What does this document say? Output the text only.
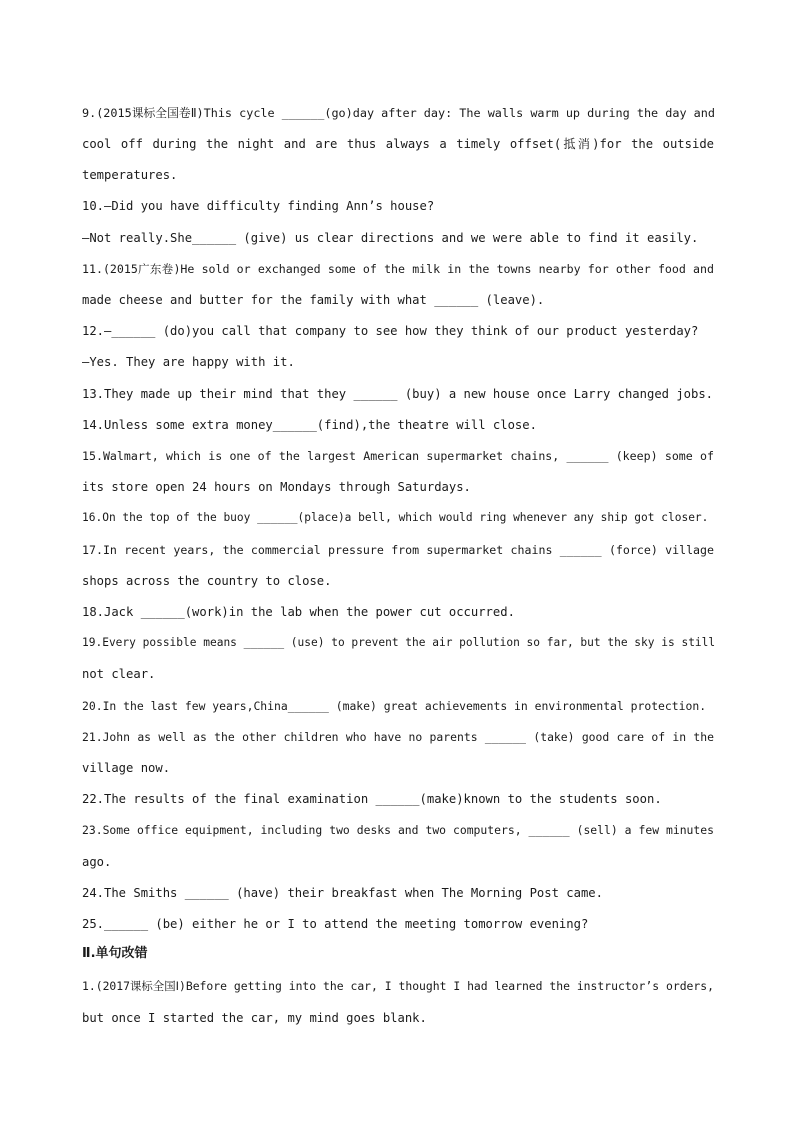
9.(2015课标全国卷Ⅱ)This cycle ______(go)day after day: The walls warm up during the day and
cool off during the night and are thus always a timely offset(抵消)for the outside
temperatures.
10.—Did you have difficulty finding Ann’s house?
—Not really.She______ (give) us clear directions and we were able to find it easily.
11.(2015广东卷)He sold or exchanged some of the milk in the towns nearby for other food and
made cheese and butter for the family with what ______ (leave).
12.—______ (do)you call that company to see how they think of our product yesterday?
—Yes. They are happy with it.
13.They made up their mind that they ______ (buy) a new house once Larry changed jobs.
14.Unless some extra money______(find),the theatre will close.
15.Walmart, which is one of the largest American supermarket chains, ______ (keep) some of
its store open 24 hours on Mondays through Saturdays.
16.On the top of the buoy ______(place)a bell, which would ring whenever any ship got closer.
17.In recent years, the commercial pressure from supermarket chains ______ (force) village
shops across the country to close.
18.Jack ______(work)in the lab when the power cut occurred.
19.Every possible means ______ (use) to prevent the air pollution so far, but the sky is still
not clear.
20.In the last few years,China______ (make) great achievements in environmental protection.
21.John as well as the other children who have no parents ______ (take) good care of in the
village now.
22.The results of the final examination ______(make)known to the students soon.
23.Some office equipment, including two desks and two computers, ______ (sell) a few minutes
ago.
24.The Smiths ______ (have) their breakfast when The Morning Post came.
25.______ (be) either he or I to attend the meeting tomorrow evening?
Ⅱ.单句改错
1.(2017课标全国Ⅰ)Before getting into the car, I thought I had learned the instructor’s orders,
but once I started the car, my mind goes blank.
